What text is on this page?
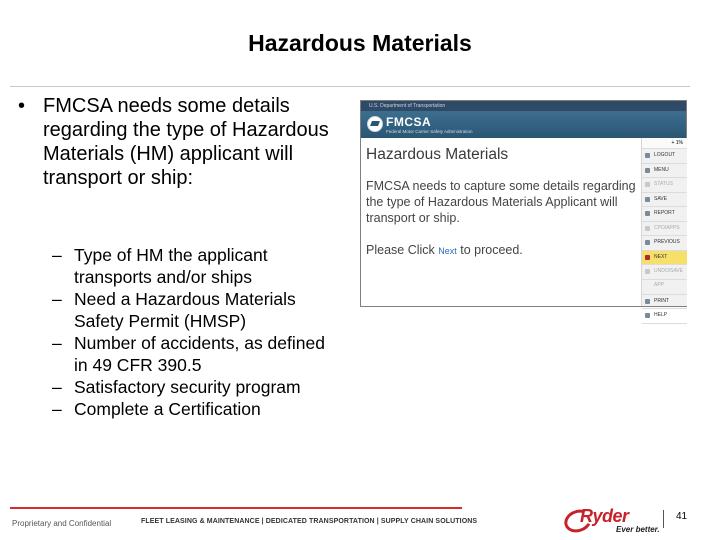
Hazardous Materials
• FMCSA needs some details regarding the type of Hazardous Materials (HM) applicant will transport or ship:
– Type of HM the applicant transports and/or ships
– Need a Hazardous Materials Safety Permit (HMSP)
– Number of accidents, as defined in 49 CFR 390.5
– Satisfactory security program
– Complete a Certification
U.S. Department of Transportation
FMCSA
Federal Motor Carrier Safety Administration
Hazardous Materials
FMCSA needs to capture some details regarding the type of Hazardous Materials Applicant will transport or ship.
Please Click Next to proceed.
+ 1%
LOGOUT
MENU
STATUS
SAVE
REPORT
CPO/APPS
PREVIOUS
NEXT
UNDO/SAVE APP
PRINT
HELP
Proprietary and Confidential	FLEET LEASING & MAINTENANCE | DEDICATED TRANSPORTATION | SUPPLY CHAIN SOLUTIONS	Ryder
Ever better.
41
